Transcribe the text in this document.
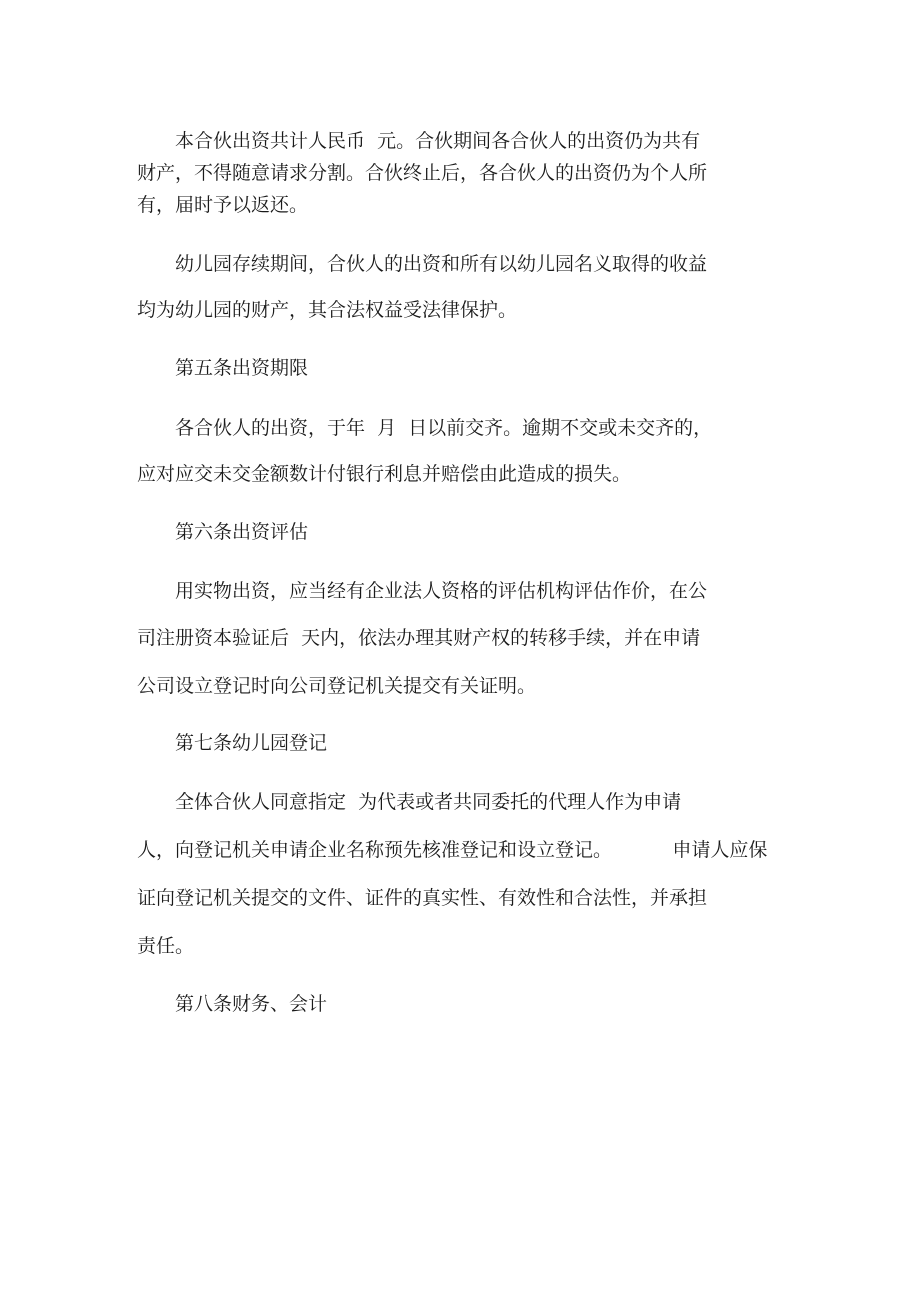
本合伙出资共计人民币  元。合伙期间各合伙人的出资仍为共有
财产，不得随意请求分割。合伙终止后，各合伙人的出资仍为个人所
有，届时予以返还。
幼儿园存续期间，合伙人的出资和所有以幼儿园名义取得的收益
均为幼儿园的财产，其合法权益受法律保护。
第五条出资期限
各合伙人的出资，于年  月  日以前交齐。逾期不交或未交齐的，
应对应交未交金额数计付银行利息并赔偿由此造成的损失。
第六条出资评估
用实物出资，应当经有企业法人资格的评估机构评估作价，在公
司注册资本验证后  天内，依法办理其财产权的转移手续，并在申请
公司设立登记时向公司登记机关提交有关证明。
第七条幼儿园登记
全体合伙人同意指定  为代表或者共同委托的代理人作为申请
人，向登记机关申请企业名称预先核准登记和设立登记。          申请人应保
证向登记机关提交的文件、证件的真实性、有效性和合法性，并承担
责任。
第八条财务、会计
